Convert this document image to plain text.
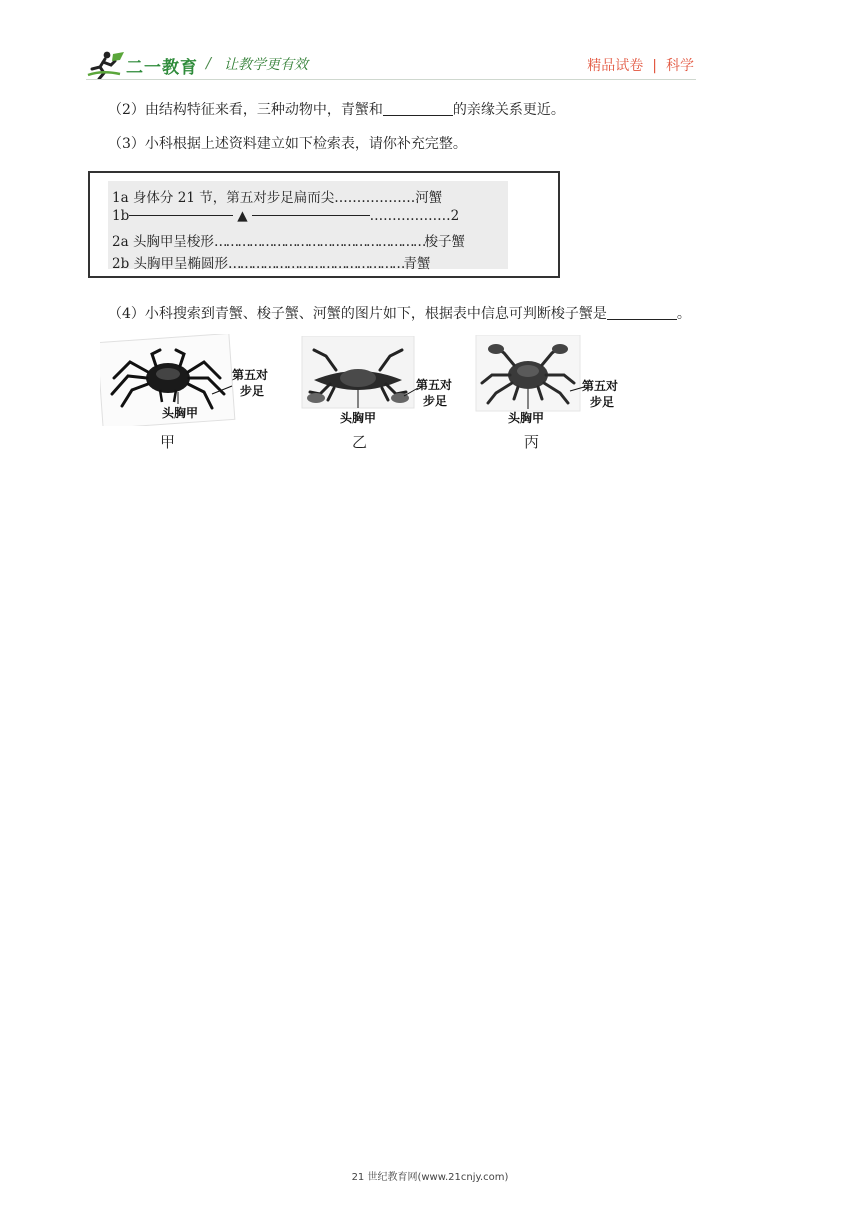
二一教育 / 让教学更有效	精品试卷 | 科学
（2）由结构特征来看，三种动物中，青蟹和	的亲缘关系更近。
（3）小科根据上述资料建立如下检索表，请你补充完整。
1a 身体分 21 节，第五对步足扁而尖………………河蟹
1b	▲	………………2
2a 头胸甲呈梭形………………………………………………梭子蟹
2b 头胸甲呈椭圆形………………………………………青蟹
（4）小科搜索到青蟹、梭子蟹、河蟹的图片如下，根据表中信息可判断梭子蟹是	。
第五对
步足
头胸甲
甲
第五对
步足
头胸甲
乙
第五对
步足
头胸甲
丙
21 世纪教育网(www.21cnjy.com)
